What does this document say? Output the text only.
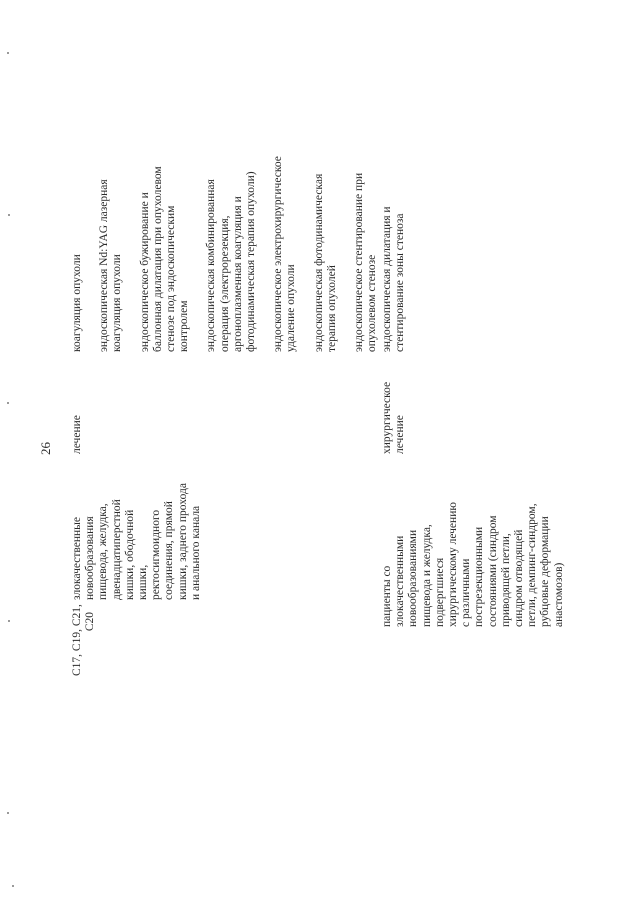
26
C17, C19, C21, C20
злокачественные новообразования пищевода, желудка, двенадцатиперстной кишки, ободочной кишки, ректосигмоидного соединения, прямой кишки, заднего прохода и анального канала
лечение
коагуляция опухоли эндоскопическая Nd:YAG лазерная коагуляция опухоли эндоскопическое бужирование и баллонная дилатация при опухолевом стенозе под эндоскопическим контролем эндоскопическая комбинированная операция (электрорезекция, аргоноплазменная коагуляция и фотодинамическая терапия опухоли) эндоскопическое электрохирургическое удаление опухоли эндоскопическая фотодинамическая терапия опухолей эндоскопическое стентирование при опухолевом стенозе
пациенты со злокачественными новообразованиями пищевода и желудка, подвергшиеся хирургическому лечению с различными пострезекционными состояниями (синдром приводящей петли, синдром отводящей петли, демпинг-синдром, рубцовые деформации анастомозов)
хирургическое лечение
эндоскопическая дилатация и стентирование зоны стеноза
